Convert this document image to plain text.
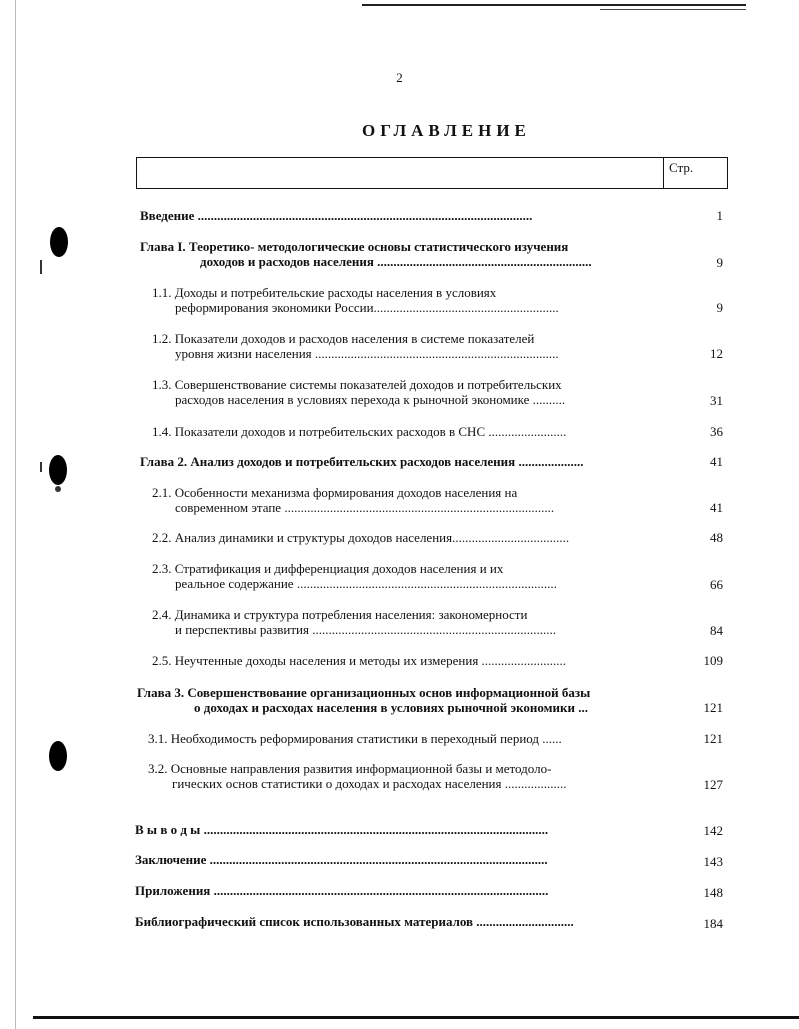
2
ОГЛАВЛЕНИЕ
Стр.
Введение .......................................................................................................	1
Глава I. Теоретико- методологические основы статистического изучения
доходов и расходов населения ..................................................................	9
1.1. Доходы и потребительские расходы населения в условиях
реформирования экономики России.........................................................	9
1.2. Показатели доходов и расходов населения в системе показателей
уровня жизни населения ...........................................................................	12
1.3. Совершенствование системы показателей доходов и потребительских
расходов населения в условиях перехода к рыночной экономике ..........	31
1.4. Показатели доходов и потребительских расходов в СНС ........................	36
Глава 2. Анализ доходов и потребительских расходов населения ....................	41
2.1. Особенности механизма формирования доходов населения на
современном этапе ...................................................................................	41
2.2. Анализ динамики и структуры доходов населения....................................	48
2.3. Стратификация и дифференциация доходов населения и их
реальное содержание ................................................................................	66
2.4. Динамика и структура потребления населения: закономерности
и перспективы развития ...........................................................................	84
2.5. Неучтенные доходы населения и методы их измерения ..........................	109
Глава 3. Совершенствование организационных основ информационной базы
о доходах и расходах населения в условиях рыночной экономики ...	121
3.1. Необходимость реформирования статистики в переходный период ......	121
3.2. Основные направления развития информационной базы и методоло-
гических основ статистики о доходах и расходах населения ...................	127
В ы в о д ы ..........................................................................................................	142
Заключение ........................................................................................................	143
Приложения .......................................................................................................	148
Библиографический список использованных материалов ..............................	184
